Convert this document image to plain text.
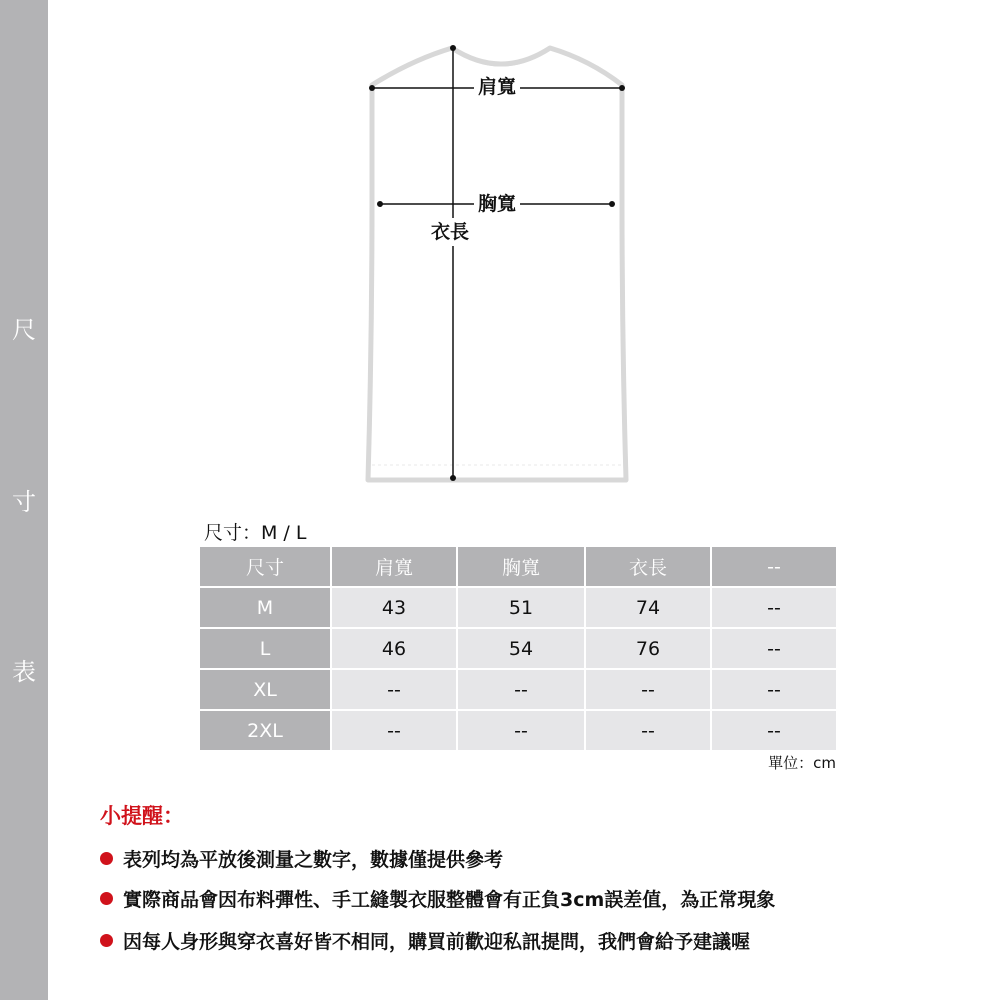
尺
寸
表
肩寬
胸寬
衣長
尺寸：M / L
尺寸	肩寬	胸寬	衣長	--
M	43	51	74	--
L	46	54	76	--
XL	--	--	--	--
2XL	--	--	--	--
單位：cm
小提醒：
表列均為平放後測量之數字，數據僅提供參考
實際商品會因布料彈性、手工縫製衣服整體會有正負3cm誤差值，為正常現象
因每人身形與穿衣喜好皆不相同，購買前歡迎私訊提問，我們會給予建議喔
